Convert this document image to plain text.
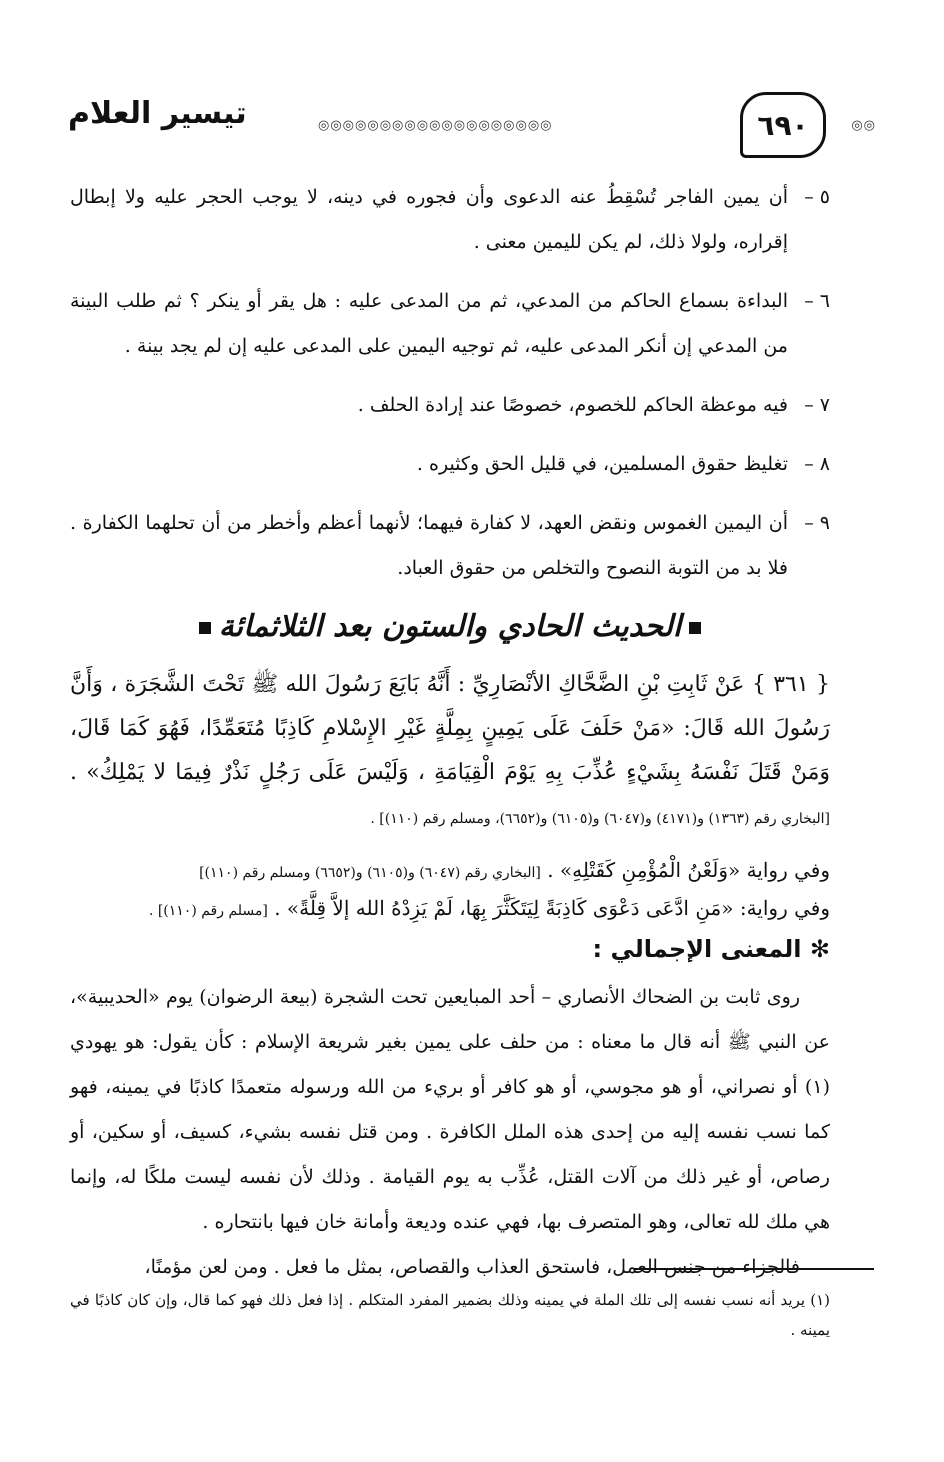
تيسير العلام	◎◎◎◎◎◎◎◎◎◎◎◎◎◎◎◎◎◎◎	٦٩٠	◎◎
٥ –
أن يمين الفاجر تُسْقِطُ عنه الدعوى وأن فجوره في دينه، لا يوجب الحجر عليه ولا إبطال إقراره، ولولا ذلك، لم يكن لليمين معنى .
٦ –
البداءة بسماع الحاكم من المدعي، ثم من المدعى عليه : هل يقر أو ينكر ؟ ثم طلب البينة من المدعي إن أنكر المدعى عليه، ثم توجيه اليمين على المدعى عليه إن لم يجد بينة .
٧ –
فيه موعظة الحاكم للخصوم، خصوصًا عند إرادة الحلف .
٨ –
تغليظ حقوق المسلمين، في قليل الحق وكثيره .
٩ –
أن اليمين الغموس ونقض العهد، لا كفارة فيهما؛ لأنهما أعظم وأخطر من أن تحلهما الكفارة . فلا بد من التوبة النصوح والتخلص من حقوق العباد.
الحديث الحادي والستون بعد الثلاثمائة
{ ٣٦١ } عَنْ ثَابِتِ بْنِ الضَّحَّاكِ الأنْصَارِيِّ : أَنَّهُ بَايَعَ رَسُولَ الله ﷺ تَحْتَ الشَّجَرَة ، وَأَنَّ رَسُولَ الله قَالَ: «مَنْ حَلَفَ عَلَى يَمِينٍ بِمِلَّةٍ غَيْرِ الإِسْلامِ كَاذِبًا مُتَعَمِّدًا، فَهُوَ كَمَا قَالَ، وَمَنْ قَتَلَ نَفْسَهُ بِشَيْءٍ عُذِّبَ بِهِ يَوْمَ الْقِيَامَةِ ، وَلَيْسَ عَلَى رَجُلٍ نَذْرٌ فِيمَا لا يَمْلِكُ» . [البخاري رقم (١٣٦٣) و(٤١٧١) و(٦٠٤٧) و(٦١٠٥) و(٦٦٥٢)، ومسلم رقم (١١٠)] .
وفي رواية «وَلَعْنُ الْمُؤْمِنِ كَقَتْلِهِ» . [البخاري رقم (٦٠٤٧) و(٦١٠٥) و(٦٦٥٢) ومسلم رقم (١١٠)]
وفي رواية: «مَنِ ادَّعَى دَعْوَى كَاذِبَةً لِيَتَكَثَّرَ بِهَا، لَمْ يَزِدْهُ الله إلاَّ قِلَّةً» . [مسلم رقم (١١٠)] .
✻ المعنى الإجمالي :

روى ثابت بن الضحاك الأنصاري – أحد المبايعين تحت الشجرة (بيعة الرضوان) يوم «الحديبية»، عن النبي ﷺ أنه قال ما معناه : من حلف على يمين بغير شريعة الإسلام : كأن يقول: هو يهودي (١) أو نصراني، أو هو مجوسي، أو هو كافر أو بريء من الله ورسوله متعمدًا كاذبًا في يمينه، فهو كما نسب نفسه إليه من إحدى هذه الملل الكافرة . ومن قتل نفسه بشيء، كسيف، أو سكين، أو رصاص، أو غير ذلك من آلات القتل، عُذِّب به يوم القيامة . وذلك لأن نفسه ليست ملكًا له، وإنما هي ملك لله تعالى، وهو المتصرف بها، فهي عنده وديعة وأمانة خان فيها بانتحاره .

فالجزاء من جنس العمل، فاستحق العذاب والقصاص، بمثل ما فعل . ومن لعن مؤمنًا،

(١) يريد أنه نسب نفسه إلى تلك الملة في يمينه وذلك بضمير المفرد المتكلم . إذا فعل ذلك فهو كما قال، وإن كان كاذبًا في يمينه .
